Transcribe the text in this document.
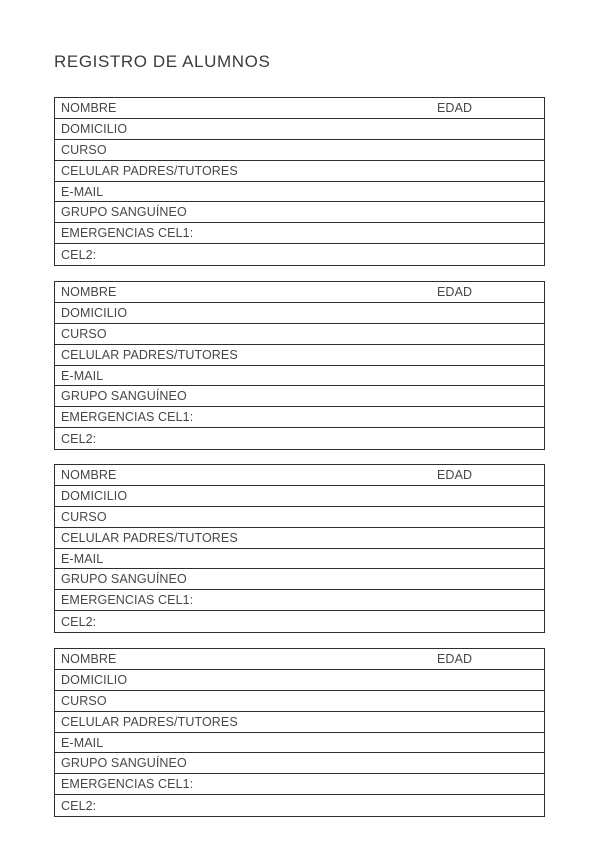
REGISTRO DE ALUMNOS
NOMBRE	EDAD
DOMICILIO
CURSO
CELULAR PADRES/TUTORES
E-MAIL
GRUPO SANGUÍNEO
EMERGENCIAS CEL1:
CEL2:
NOMBRE	EDAD
DOMICILIO
CURSO
CELULAR PADRES/TUTORES
E-MAIL
GRUPO SANGUÍNEO
EMERGENCIAS CEL1:
CEL2:
NOMBRE	EDAD
DOMICILIO
CURSO
CELULAR PADRES/TUTORES
E-MAIL
GRUPO SANGUÍNEO
EMERGENCIAS CEL1:
CEL2:
NOMBRE	EDAD
DOMICILIO
CURSO
CELULAR PADRES/TUTORES
E-MAIL
GRUPO SANGUÍNEO
EMERGENCIAS CEL1:
CEL2:
